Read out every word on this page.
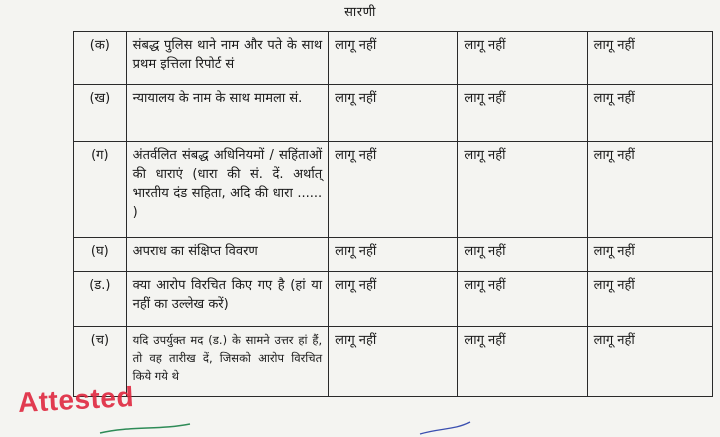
सारणी
(क)	संबद्ध पुलिस थाने नाम और पते के साथ प्रथम इत्तिला रिपोर्ट सं	लागू नहीं	लागू नहीं	लागू नहीं
(ख)	न्यायालय के नाम के साथ मामला सं.	लागू नहीं	लागू नहीं	लागू नहीं
(ग)	अंतर्वलित संबद्ध अधिनियमों / सहिंताओं की धाराएं (धारा की सं. दें. अर्थात् भारतीय दंड सहिता, अदि की धारा ...... )	लागू नहीं	लागू नहीं	लागू नहीं
(घ)	अपराध का संक्षिप्त विवरण	लागू नहीं	लागू नहीं	लागू नहीं
(ड.)	क्या आरोप विरचित किए गए है (हां या नहीं का उल्लेख करें)	लागू नहीं	लागू नहीं	लागू नहीं
(च)	यदि उपर्युक्त मद (ड.) के सामने उत्तर हां हैं, तो वह तारीख दें, जिसको आरोप विरचित किये गये थे	लागू नहीं	लागू नहीं	लागू नहीं
Attested
